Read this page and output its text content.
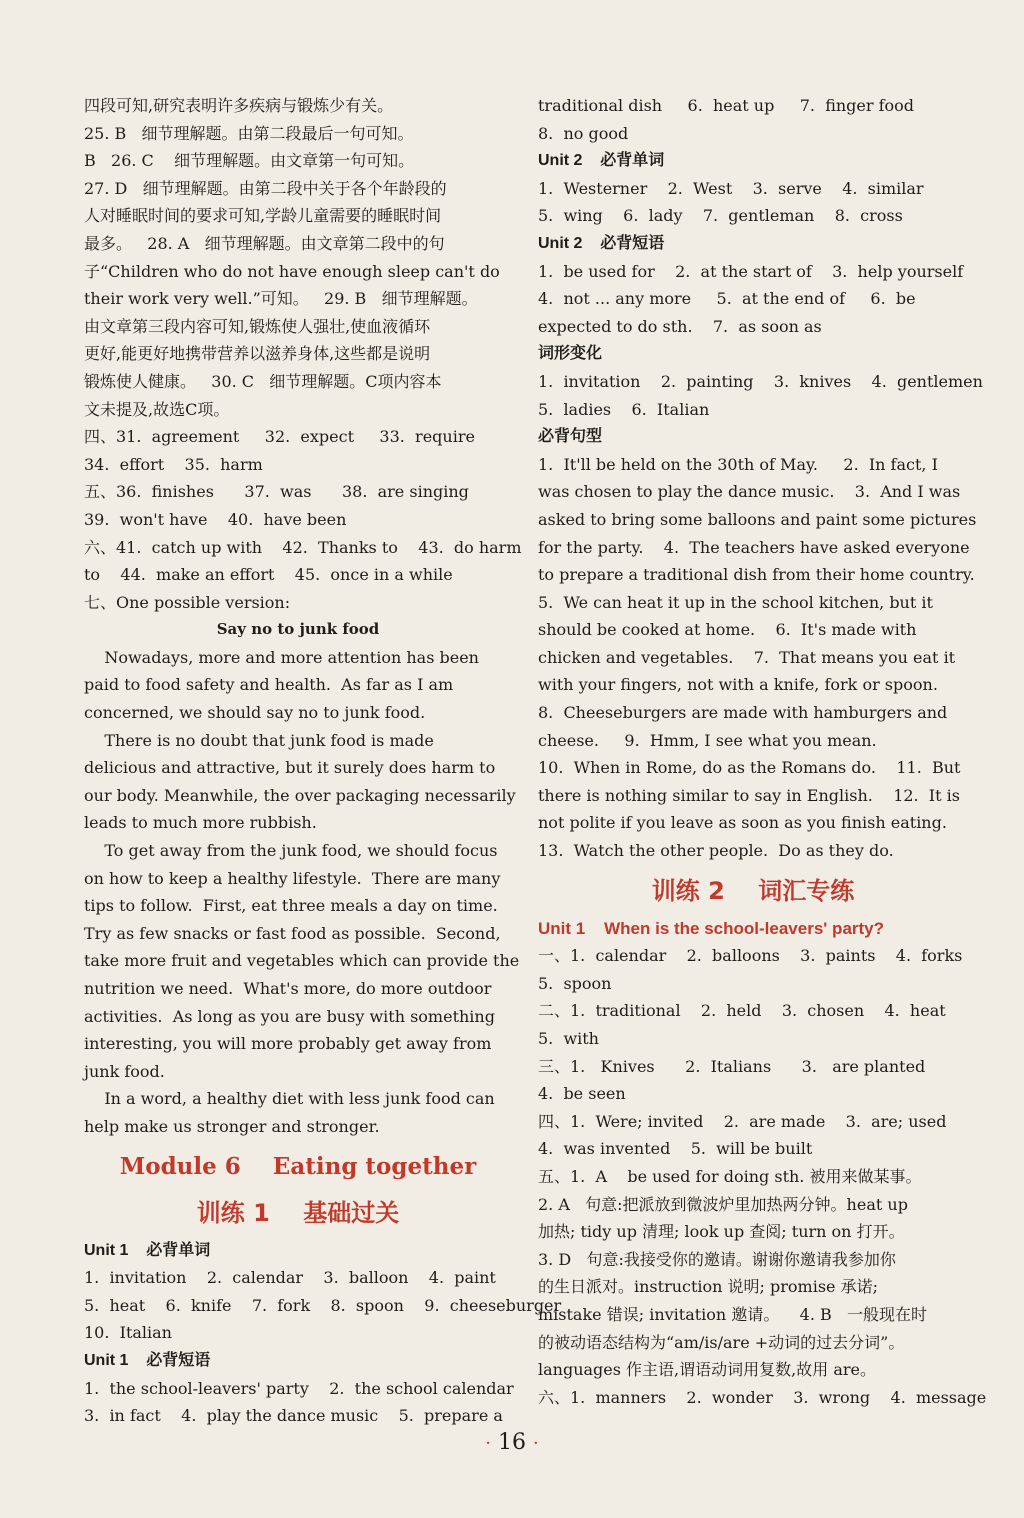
四段可知,研究表明许多疾病与锻炼少有关。
25. B   细节理解题。由第二段最后一句可知。
B   26. C    细节理解题。由文章第一句可知。
27. D   细节理解题。由第二段中关于各个年龄段的
人对睡眠时间的要求可知,学龄儿童需要的睡眠时间
最多。   28. A   细节理解题。由文章第二段中的句
子“Children who do not have enough sleep can't do
their work very well.”可知。   29. B   细节理解题。
由文章第三段内容可知,锻炼使人强壮,使血液循环
更好,能更好地携带营养以滋养身体,这些都是说明
锻炼使人健康。   30. C   细节理解题。C项内容本
文未提及,故选C项。
四、31.  agreement     32.  expect     33.  require
34.  effort    35.  harm
五、36.  finishes      37.  was      38.  are singing
39.  won't have    40.  have been
六、41.  catch up with    42.  Thanks to    43.  do harm
to    44.  make an effort    45.  once in a while
七、One possible version:
Say no to junk food
Nowadays, more and more attention has been
paid to food safety and health.  As far as I am
concerned, we should say no to junk food.
There is no doubt that junk food is made
delicious and attractive, but it surely does harm to
our body. Meanwhile, the over packaging necessarily
leads to much more rubbish.
To get away from the junk food, we should focus
on how to keep a healthy lifestyle.  There are many
tips to follow.  First, eat three meals a day on time.
Try as few snacks or fast food as possible.  Second,
take more fruit and vegetables which can provide the
nutrition we need.  What's more, do more outdoor
activities.  As long as you are busy with something
interesting, you will more probably get away from
junk food.
In a word, a healthy diet with less junk food can
help make us stronger and stronger.
Module 6    Eating together
训练 1    基础过关
Unit 1    必背单词
1.  invitation    2.  calendar    3.  balloon    4.  paint
5.  heat    6.  knife    7.  fork    8.  spoon    9.  cheeseburger
10.  Italian
Unit 1    必背短语
1.  the school-leavers' party    2.  the school calendar
3.  in fact    4.  play the dance music    5.  prepare a
traditional dish     6.  heat up     7.  finger food
8.  no good
Unit 2    必背单词
1.  Westerner    2.  West    3.  serve    4.  similar
5.  wing    6.  lady    7.  gentleman    8.  cross
Unit 2    必背短语
1.  be used for    2.  at the start of    3.  help yourself
4.  not ... any more     5.  at the end of     6.  be
expected to do sth.    7.  as soon as
词形变化
1.  invitation    2.  painting    3.  knives    4.  gentlemen
5.  ladies    6.  Italian
必背句型
1.  It'll be held on the 30th of May.     2.  In fact, I
was chosen to play the dance music.    3.  And I was
asked to bring some balloons and paint some pictures
for the party.    4.  The teachers have asked everyone
to prepare a traditional dish from their home country.
5.  We can heat it up in the school kitchen, but it
should be cooked at home.    6.  It's made with
chicken and vegetables.    7.  That means you eat it
with your fingers, not with a knife, fork or spoon.
8.  Cheeseburgers are made with hamburgers and
cheese.     9.  Hmm, I see what you mean.
10.  When in Rome, do as the Romans do.    11.  But
there is nothing similar to say in English.    12.  It is
not polite if you leave as soon as you finish eating.
13.  Watch the other people.  Do as they do.
训练 2    词汇专练
Unit 1    When is the school-leavers' party?
一、1.  calendar    2.  balloons    3.  paints    4.  forks
5.  spoon
二、1.  traditional    2.  held    3.  chosen    4.  heat
5.  with
三、1.   Knives      2.  Italians      3.   are planted
4.  be seen
四、1.  Were; invited    2.  are made    3.  are; used
4.  was invented    5.  will be built
五、1.  A    be used for doing sth. 被用来做某事。
2. A   句意:把派放到微波炉里加热两分钟。heat up
加热; tidy up 清理; look up 查阅; turn on 打开。
3. D   句意:我接受你的邀请。谢谢你邀请我参加你
的生日派对。instruction 说明; promise 承诺;
mistake 错误; invitation 邀请。    4. B   一般现在时
的被动语态结构为“am/is/are +动词的过去分词”。
languages 作主语,谓语动词用复数,故用 are。
六、1.  manners    2.  wonder    3.  wrong    4.  message
· 16 ·
